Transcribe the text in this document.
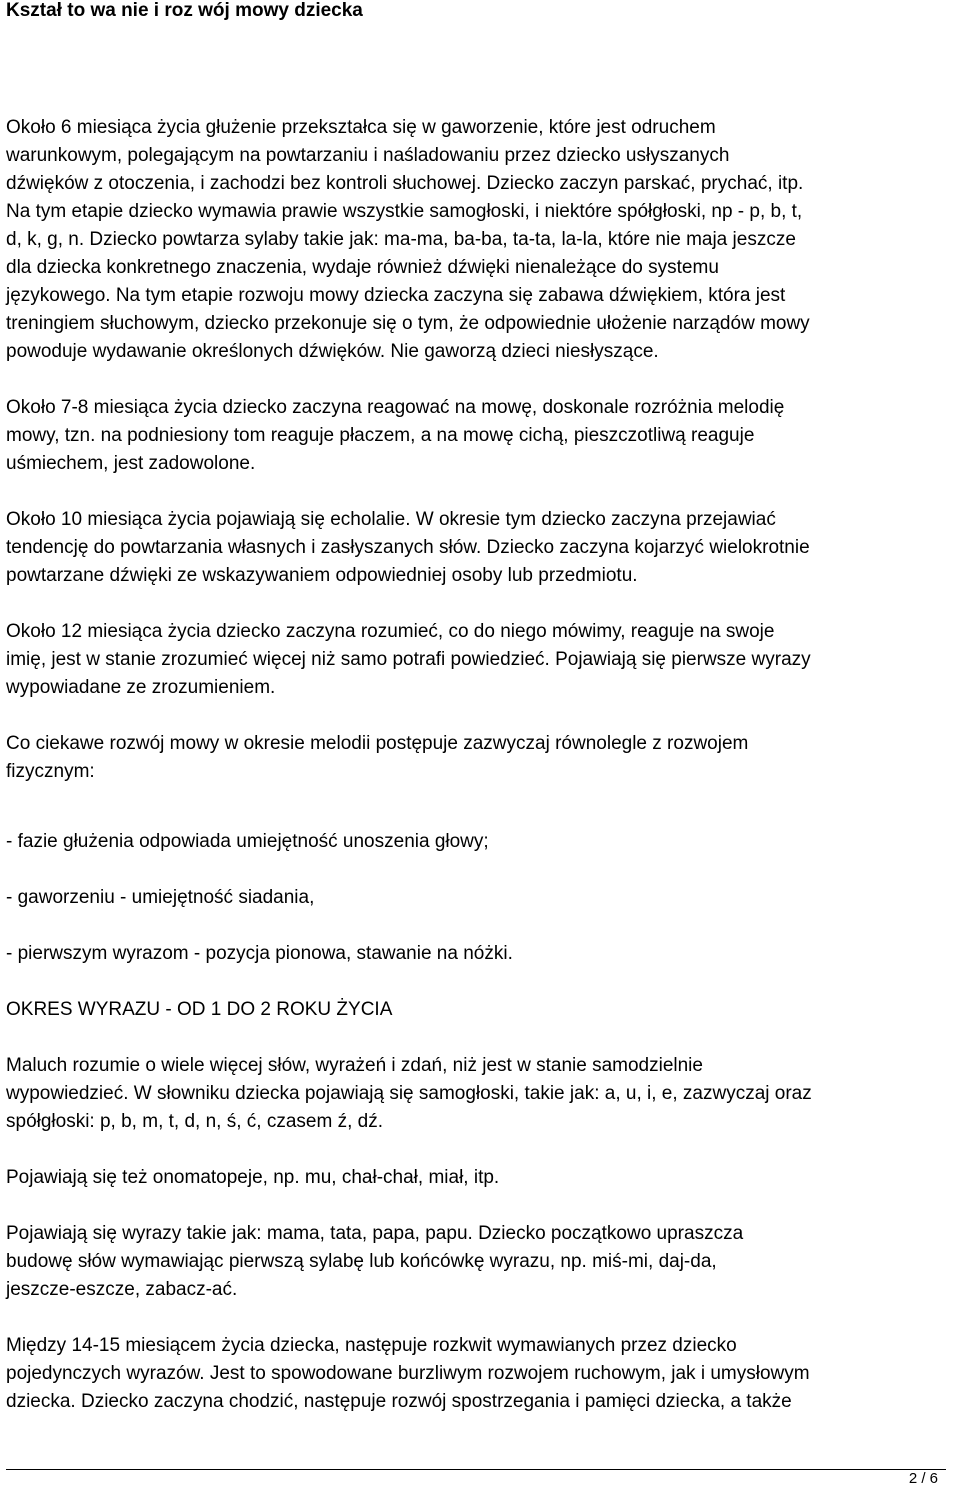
Kształ to wa nie i roz wój mowy dziecka

Około 6 miesiąca życia głużenie przekształca się w gaworzenie, które jest odruchem
warunkowym, polegającym na powtarzaniu i naśladowaniu przez dziecko usłyszanych
dźwięków z otoczenia, i zachodzi bez kontroli słuchowej. Dziecko zaczyn parskać, prychać, itp.
Na tym etapie dziecko wymawia prawie wszystkie samogłoski, i niektóre spółgłoski, np - p, b, t,
d, k, g, n. Dziecko powtarza sylaby takie jak: ma-ma, ba-ba, ta-ta, la-la, które nie maja jeszcze
dla dziecka konkretnego znaczenia, wydaje również dźwięki nienależące do systemu
językowego. Na tym etapie rozwoju mowy dziecka zaczyna się zabawa dźwiękiem, która jest
treningiem słuchowym, dziecko przekonuje się o tym, że odpowiednie ułożenie narządów mowy
powoduje wydawanie określonych dźwięków. Nie gaworzą dzieci niesłyszące.

Około 7-8 miesiąca życia dziecko zaczyna reagować na mowę, doskonale rozróżnia melodię
mowy, tzn. na podniesiony tom reaguje płaczem, a na mowę cichą, pieszczotliwą reaguje
uśmiechem, jest zadowolone.

Około 10 miesiąca życia pojawiają się echolalie. W okresie tym dziecko zaczyna przejawiać
tendencję do powtarzania własnych i zasłyszanych słów. Dziecko zaczyna kojarzyć wielokrotnie
powtarzane dźwięki ze wskazywaniem odpowiedniej osoby lub przedmiotu.

Około 12 miesiąca życia dziecko zaczyna rozumieć, co do niego mówimy, reaguje na swoje
imię, jest w stanie zrozumieć więcej niż samo potrafi powiedzieć. Pojawiają się pierwsze wyrazy
wypowiadane ze zrozumieniem.

Co ciekawe rozwój mowy w okresie melodii postępuje zazwyczaj równolegle z rozwojem
fizycznym:

- fazie głużenia odpowiada umiejętność unoszenia głowy;

- gaworzeniu - umiejętność siadania,

- pierwszym wyrazom - pozycja pionowa, stawanie na nóżki.

OKRES WYRAZU - OD 1 DO 2 ROKU ŻYCIA

Maluch rozumie o wiele więcej słów, wyrażeń i zdań, niż jest w stanie samodzielnie
wypowiedzieć. W słowniku dziecka pojawiają się samogłoski, takie jak: a, u, i, e, zazwyczaj oraz
spółgłoski: p, b, m, t, d, n, ś, ć, czasem ź, dź.

Pojawiają się też onomatopeje, np. mu, chał-chał, miał, itp.

Pojawiają się wyrazy takie jak: mama, tata, papa, papu. Dziecko początkowo upraszcza
budowę słów wymawiając pierwszą sylabę lub końcówkę wyrazu, np. miś-mi, daj-da,
jeszcze-eszcze, zabacz-ać.

Między 14-15 miesiącem życia dziecka, następuje rozkwit wymawianych przez dziecko
pojedynczych wyrazów. Jest to spowodowane burzliwym rozwojem ruchowym, jak i umysłowym
dziecka. Dziecko zaczyna chodzić, następuje rozwój spostrzegania i pamięci dziecka, a także

2 / 6
